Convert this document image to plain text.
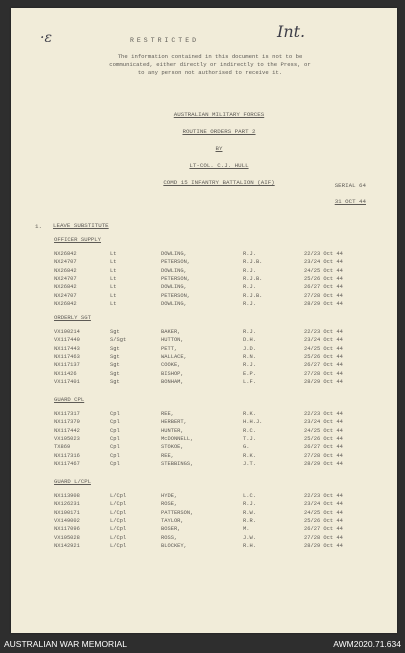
·ɛ	Int.
RESTRICTED
The information contained in this document is not to be communicated, either directly or indirectly to the Press, or to any person not authorised to receive it.
AUSTRALIAN MILITARY FORCES
ROUTINE ORDERS PART 2
BY
LT-COL. C.J. HULL
COMD 15 INFANTRY BATTALION (AIF)	SERIAL 64
31 OCT 44
1. LEAVE SUBSTITUTE
OFFICER SUPPLY
NX26842	Lt	DOWLING,	R.J.	22/23 Oct 44
NX24707	Lt	PETERSON,	R.J.B.	23/24 Oct 44
NX26842	Lt	DOWLING,	R.J.	24/25 Oct 44
NX24707	Lt	PETERSON,	R.J.B.	25/26 Oct 44
NX26842	Lt	DOWLING,	R.J.	26/27 Oct 44
NX24707	Lt	PETERSON,	R.J.B.	27/28 Oct 44
NX26842	Lt	DOWLING,	R.J.	28/29 Oct 44
ORDERLY SGT
VX100214	Sgt	BAKER,	R.J.	22/23 Oct 44
VX117440	S/Sgt	HUTTON,	D.H.	23/24 Oct 44
NX117443	Sgt	PETT,	J.D.	24/25 Oct 44
NX117463	Sgt	WALLACE,	R.N.	25/26 Oct 44
NX117137	Sgt	COOKE,	R.J.	26/27 Oct 44
NX11426	Sgt	BISHOP,	E.P.	27/28 Oct 44
VX117401	Sgt	BONHAM,	L.F.	28/29 Oct 44
GUARD CPL
NX117317	Cpl	REE,	R.K.	22/23 Oct 44
NX117370	Cpl	HERBERT,	H.H.J.	23/24 Oct 44
NX117442	Cpl	HUNTER,	R.C.	24/25 Oct 44
VX105023	Cpl	McDONNELL,	T.J.	25/26 Oct 44
TX869	Cpl	STOKOE,	G.	26/27 Oct 44
NX117316	Cpl	REE,	R.K.	27/28 Oct 44
NX117467	Cpl	STEBBINGS,	J.T.	28/29 Oct 44
GUARD L/CPL
NX113908	L/Cpl	HYDE,	L.C.	22/23 Oct 44
NX126231	L/Cpl	ROSE,	R.J.	23/24 Oct 44
NX100171	L/Cpl	PATTERSON,	R.W.	24/25 Oct 44
VX149002	L/Cpl	TAYLOR,	R.R.	25/26 Oct 44
NX117096	L/Cpl	BOSER,	M.	26/27 Oct 44
VX105028	L/Cpl	ROSS,	J.W.	27/28 Oct 44
NX142921	L/Cpl	BLOCKEY,	R.H.	28/29 Oct 44
AUSTRALIAN WAR MEMORIAL	AWM2020.71.634
